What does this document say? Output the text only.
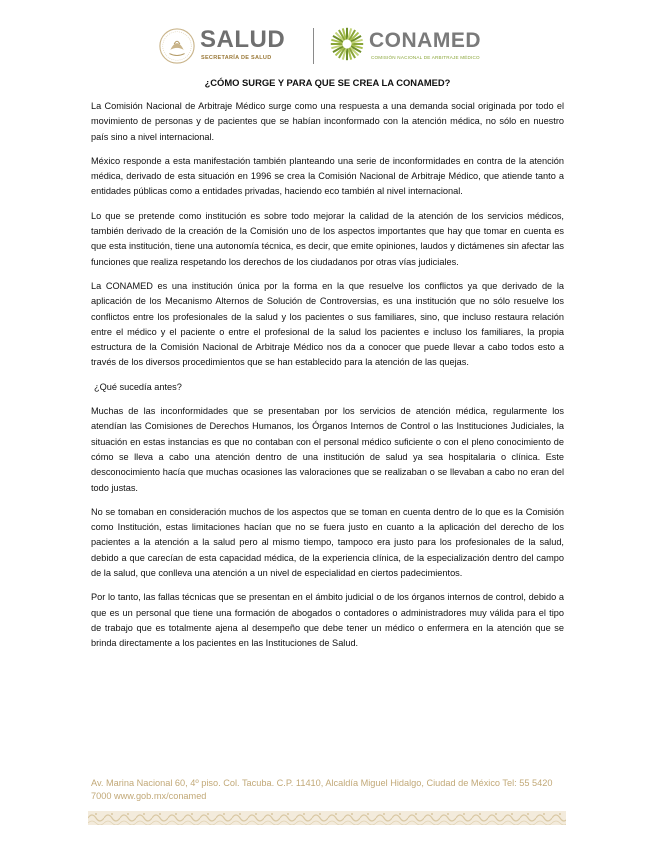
SALUD
SECRETARÍA DE SALUD
CONAMED
COMISIÓN NACIONAL DE ARBITRAJE MÉDICO
¿CÓMO SURGE Y PARA QUE SE CREA LA CONAMED?

La Comisión Nacional de Arbitraje Médico surge como una respuesta a una demanda social originada por todo el movimiento de personas y de pacientes que se habían inconformado con la atención médica, no sólo en nuestro país sino a nivel internacional.

México responde a esta manifestación también planteando una serie de inconformidades en contra de la atención médica, derivado de esta situación en 1996 se crea la Comisión Nacional de Arbitraje Médico, que atiende tanto a entidades públicas como a entidades privadas, haciendo eco también al nivel internacional.

Lo que se pretende como institución es sobre todo mejorar la calidad de la atención de los servicios médicos, también derivado de la creación de la Comisión uno de los aspectos importantes que hay que tomar en cuenta es que esta institución, tiene una autonomía técnica, es decir, que emite opiniones, laudos y dictámenes sin afectar las funciones que realiza respetando los derechos de los ciudadanos por otras vías judiciales.

La CONAMED es una institución única por la forma en la que resuelve los conflictos ya que derivado de la aplicación de los Mecanismo Alternos de Solución de Controversias, es una institución que no sólo resuelve los conflictos entre los profesionales de la salud y los pacientes o sus familiares, sino, que incluso restaura relación entre el médico y el paciente o entre el profesional de la salud los pacientes e incluso los familiares, la propia estructura de la Comisión Nacional de Arbitraje Médico nos da a conocer que puede llevar a cabo todos esto a través de los diversos procedimientos que se han establecido para la atención de las quejas.

¿Qué sucedía antes?

Muchas de las inconformidades que se presentaban por los servicios de atención médica, regularmente los atendían las Comisiones de Derechos Humanos, los Órganos Internos de Control o las Instituciones Judiciales, la situación en estas instancias es que no contaban con el personal médico suficiente o con el pleno conocimiento de cómo se lleva a cabo una atención dentro de una institución de salud ya sea hospitalaria o clínica. Este desconocimiento hacía que muchas ocasiones las valoraciones que se realizaban o se llevaban a cabo no eran del todo justas.

No se tomaban en consideración muchos de los aspectos que se toman en cuenta dentro de lo que es la Comisión como Institución, estas limitaciones hacían que no se fuera justo en cuanto a la aplicación del derecho de los pacientes a la atención a la salud pero al mismo tiempo, tampoco era justo para los profesionales de la salud, debido a que carecían de esta capacidad médica, de la experiencia clínica, de la especialización dentro del campo de la salud, que conlleva una atención a un nivel de especialidad en ciertos padecimientos.

Por lo tanto, las fallas técnicas que se presentan en el ámbito judicial o de los órganos internos de control, debido a que es un personal que tiene una formación de abogados o contadores o administradores muy válida para el tipo de trabajo que es totalmente ajena al desempeño que debe tener un médico o enfermera en la atención que se brinda directamente a los pacientes en las Instituciones de Salud.

Av. Marina Nacional 60, 4º piso. Col. Tacuba. C.P. 11410, Alcaldía Miguel Hidalgo, Ciudad de México Tel: 55 5420 7000 www.gob.mx/conamed
